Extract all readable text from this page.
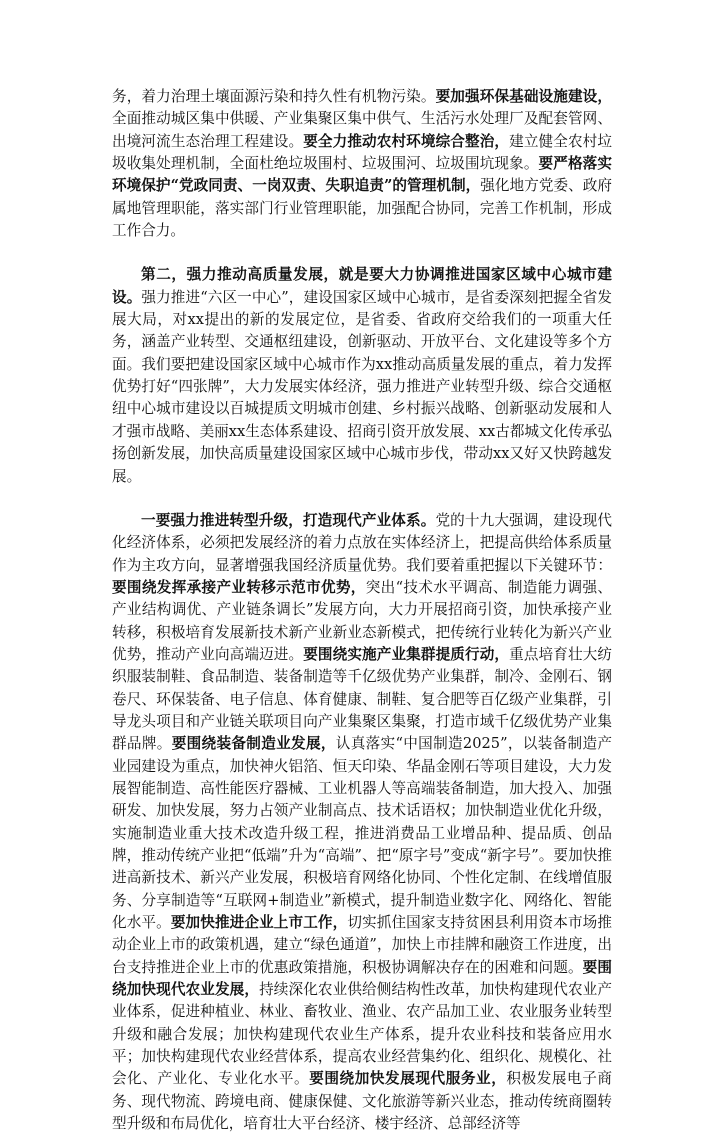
务，着力治理土壤面源污染和持久性有机物污染。要加强环保基础设施建设，全面推动城区集中供暖、产业集聚区集中供气、生活污水处理厂及配套管网、出境河流生态治理工程建设。要全力推动农村环境综合整治，建立健全农村垃圾收集处理机制，全面杜绝垃圾围村、垃圾围河、垃圾围坑现象。要严格落实环境保护“党政同责、一岗双责、失职追责”的管理机制，强化地方党委、政府属地管理职能，落实部门行业管理职能，加强配合协同，完善工作机制，形成工作合力。

第二，强力推动高质量发展，就是要大力协调推进国家区域中心城市建设。强力推进“六区一中心”，建设国家区域中心城市，是省委深刻把握全省发展大局，对xx提出的新的发展定位，是省委、省政府交给我们的一项重大任务，涵盖产业转型、交通枢纽建设，创新驱动、开放平台、文化建设等多个方面。我们要把建设国家区域中心城市作为xx推动高质量发展的重点，着力发挥优势打好“四张牌”，大力发展实体经济，强力推进产业转型升级、综合交通枢纽中心城市建设以百城提质文明城市创建、乡村振兴战略、创新驱动发展和人才强市战略、美丽xx生态体系建设、招商引资开放发展、xx古都城文化传承弘扬创新发展，加快高质量建设国家区域中心城市步伐，带动xx又好又快跨越发展。

一要强力推进转型升级，打造现代产业体系。党的十九大强调，建设现代化经济体系，必须把发展经济的着力点放在实体经济上，把提高供给体系质量作为主攻方向，显著增强我国经济质量优势。我们要着重把握以下关键环节：要围绕发挥承接产业转移示范市优势，突出“技术水平调高、制造能力调强、产业结构调优、产业链条调长”发展方向，大力开展招商引资，加快承接产业转移，积极培育发展新技术新产业新业态新模式，把传统行业转化为新兴产业优势，推动产业向高端迈进。要围绕实施产业集群提质行动，重点培育壮大纺织服装制鞋、食品制造、装备制造等千亿级优势产业集群，制冷、金刚石、钢卷尺、环保装备、电子信息、体育健康、制鞋、复合肥等百亿级产业集群，引导龙头项目和产业链关联项目向产业集聚区集聚，打造市域千亿级优势产业集群品牌。要围绕装备制造业发展，认真落实“中国制造2025”，以装备制造产业园建设为重点，加快神火铝箔、恒天印染、华晶金刚石等项目建设，大力发展智能制造、高性能医疗器械、工业机器人等高端装备制造，加大投入、加强研发、加快发展，努力占领产业制高点、技术话语权；加快制造业优化升级，实施制造业重大技术改造升级工程，推进消费品工业增品种、提品质、创品牌，推动传统产业把“低端”升为“高端”、把“原字号”变成“新字号”。要加快推进高新技术、新兴产业发展，积极培育网络化协同、个性化定制、在线增值服务、分享制造等“互联网+制造业”新模式，提升制造业数字化、网络化、智能化水平。要加快推进企业上市工作，切实抓住国家支持贫困县利用资本市场推动企业上市的政策机遇，建立“绿色通道”，加快上市挂牌和融资工作进度，出台支持推进企业上市的优惠政策措施，积极协调解决存在的困难和问题。要围绕加快现代农业发展，持续深化农业供给侧结构性改革，加快构建现代农业产业体系，促进种植业、林业、畜牧业、渔业、农产品加工业、农业服务业转型升级和融合发展；加快构建现代农业生产体系，提升农业科技和装备应用水平；加快构建现代农业经营体系，提高农业经营集约化、组织化、规模化、社会化、产业化、专业化水平。要围绕加快发展现代服务业，积极发展电子商务、现代物流、跨境电商、健康保健、文化旅游等新兴业态，推动传统商圈转型升级和布局优化，培育壮大平台经济、楼宇经济、总部经济等
